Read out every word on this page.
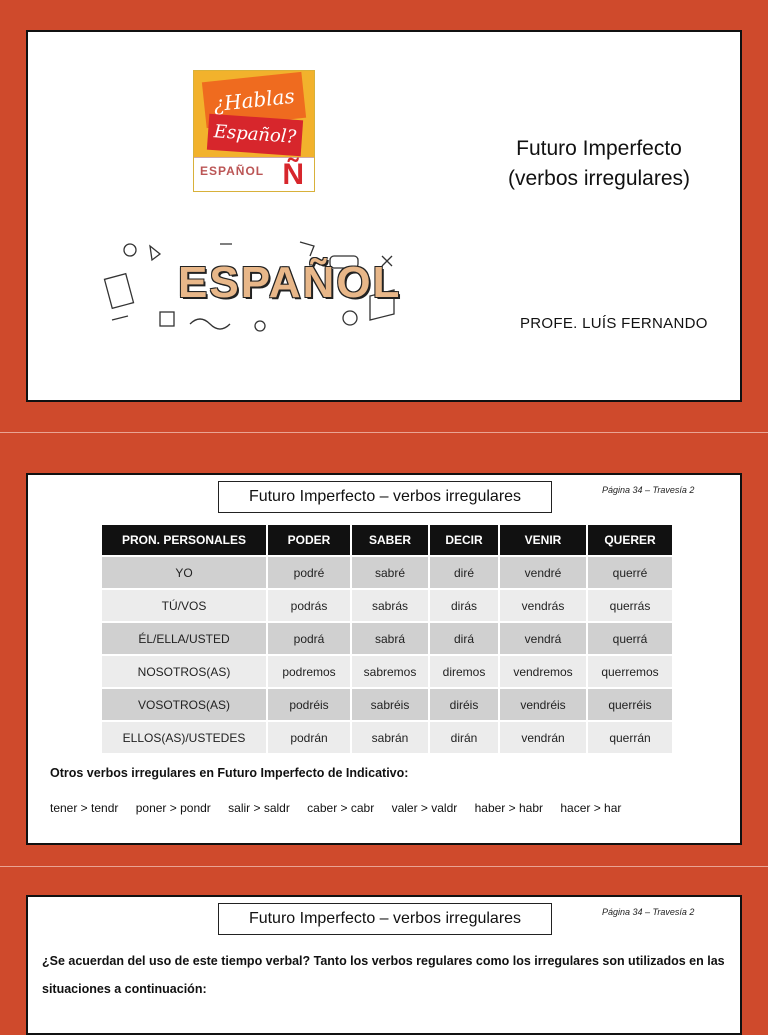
¿Hablas
Español?
ESPAÑOL Ñ
Futuro Imperfecto
(verbos irregulares)
ESPAÑOL
PROFE. LUÍS FERNANDO
Futuro Imperfecto – verbos irregulares	Página 34 – Travesía 2
PRON. PERSONALES	PODER	SABER	DECIR	VENIR	QUERER
YO	podré	sabré	diré	vendré	querré
TÚ/VOS	podrás	sabrás	dirás	vendrás	querrás
ÉL/ELLA/USTED	podrá	sabrá	dirá	vendrá	querrá
NOSOTROS(AS)	podremos	sabremos	diremos	vendremos	querremos
VOSOTROS(AS)	podréis	sabréis	diréis	vendréis	querréis
ELLOS(AS)/USTEDES	podrán	sabrán	dirán	vendrán	querrán
Otros verbos irregulares en Futuro Imperfecto de Indicativo:
tener > tendr poner > pondr salir > saldr caber > cabr valer > valdr haber > habr hacer > har
Futuro Imperfecto – verbos irregulares	Página 34 – Travesía 2
¿Se acuerdan del uso de este tiempo verbal? Tanto los verbos regulares como los irregulares son utilizados en las situaciones a continuación:
